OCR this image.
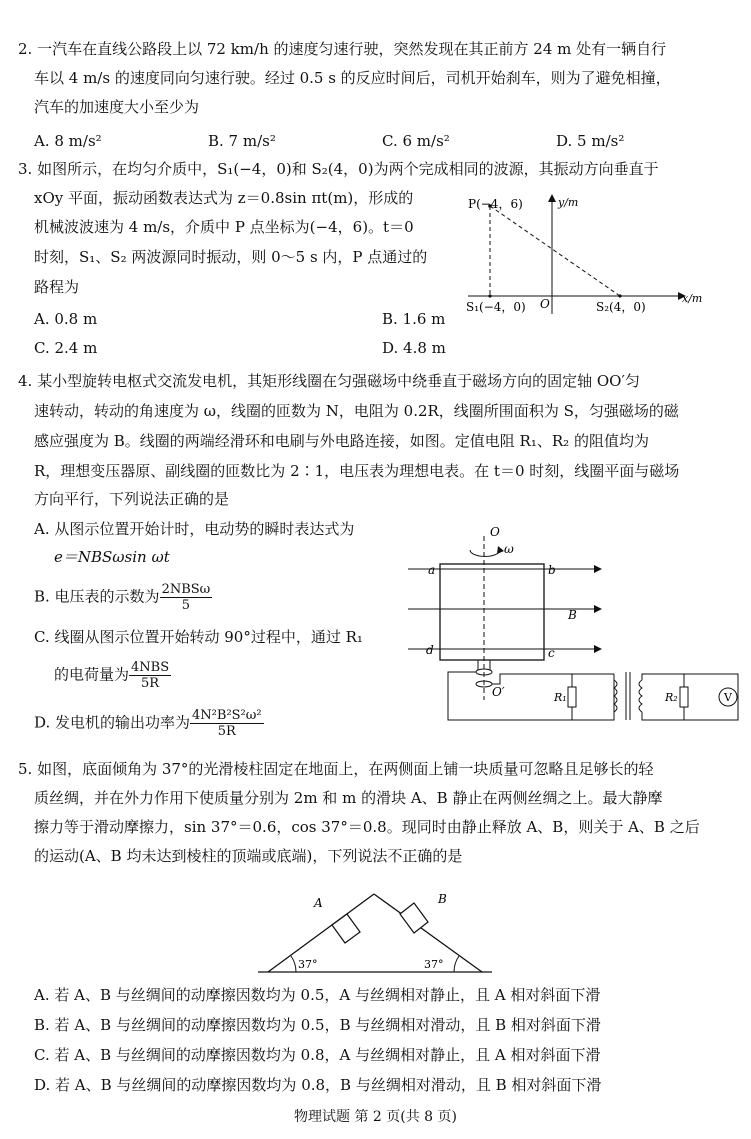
2. 一汽车在直线公路段上以 72 km/h 的速度匀速行驶，突然发现在其正前方 24 m 处有一辆自行
车以 4 m/s 的速度同向匀速行驶。经过 0.5 s 的反应时间后，司机开始刹车，则为了避免相撞，
汽车的加速度大小至少为
A. 8 m/s²	B. 7 m/s²	C. 6 m/s²	D. 5 m/s²
3. 如图所示，在均匀介质中，S₁(−4，0)和 S₂(4，0)为两个完成相同的波源，其振动方向垂直于
xOy 平面，振动函数表达式为 z＝0.8sin πt(m)，形成的
机械波波速为 4 m/s，介质中 P 点坐标为(−4，6)。t＝0
时刻，S₁、S₂ 两波源同时振动，则 0～5 s 内，P 点通过的
路程为
A. 0.8 m	B. 1.6 m
C. 2.4 m	D. 4.8 m
P(−4，6)	y/m
x/m
S₁(−4，0) O	S₂(4，0)
4. 某小型旋转电枢式交流发电机，其矩形线圈在匀强磁场中绕垂直于磁场方向的固定轴 OO′匀
速转动，转动的角速度为 ω，线圈的匝数为 N，电阻为 0.2R，线圈所围面积为 S，匀强磁场的磁
感应强度为 B。线圈的两端经滑环和电刷与外电路连接，如图。定值电阻 R₁、R₂ 的阻值均为
R，理想变压器原、副线圈的匝数比为 2∶1，电压表为理想电表。在 t＝0 时刻，线圈平面与磁场
方向平行，下列说法正确的是
A. 从图示位置开始计时，电动势的瞬时表达式为
e＝NBSωsin ωt
B. 电压表的示数为 $\frac{\text{2NBSω}}{5}$
C. 线圈从图示位置开始转动 90°过程中，通过 R₁
的电荷量为 $\frac{\text{4NBS}}{5R}$
D. 发电机的输出功率为 $\frac{\text{4N²B²S²ω²}}{5R}$
O
ω
a	b
c
d
B
O′	R₁	R₂	V
5. 如图，底面倾角为 37°的光滑棱柱固定在地面上，在两侧面上铺一块质量可忽略且足够长的轻
质丝绸，并在外力作用下使质量分别为 2m 和 m 的滑块 A、B 静止在两侧丝绸之上。最大静摩
擦力等于滑动摩擦力，sin 37°＝0.6，cos 37°＝0.8。现同时由静止释放 A、B，则关于 A、B 之后
的运动(A、B 均未达到棱柱的顶端或底端)，下列说法不正确的是
A	B
37°	37°
A. 若 A、B 与丝绸间的动摩擦因数均为 0.5，A 与丝绸相对静止，且 A 相对斜面下滑
B. 若 A、B 与丝绸间的动摩擦因数均为 0.5，B 与丝绸相对滑动，且 B 相对斜面下滑
C. 若 A、B 与丝绸间的动摩擦因数均为 0.8，A 与丝绸相对静止，且 A 相对斜面下滑
D. 若 A、B 与丝绸间的动摩擦因数均为 0.8，B 与丝绸相对滑动，且 B 相对斜面下滑
物理试题 第 2 页(共 8 页)
